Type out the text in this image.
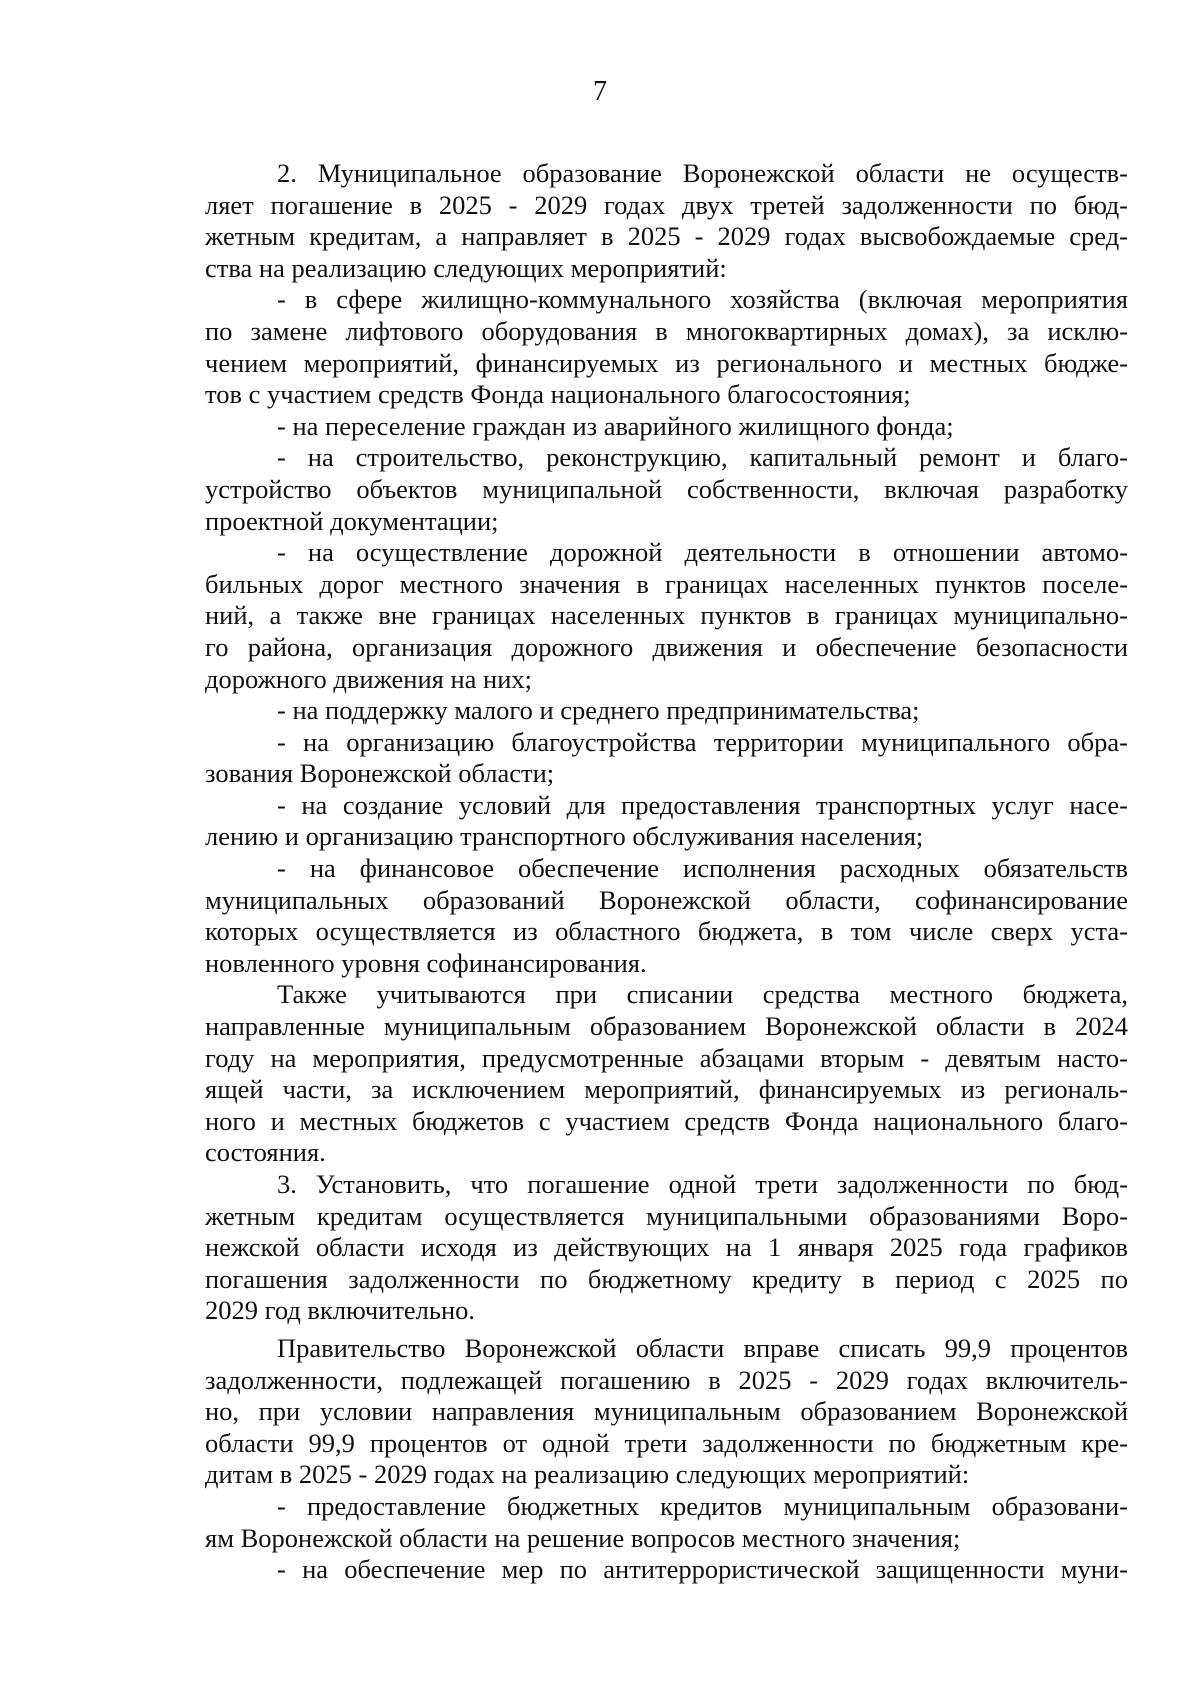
7
2. Муниципальное образование Воронежской области не осуществ-
ляет погашение в 2025 - 2029 годах двух третей задолженности по бюд-
жетным кредитам, а направляет в 2025 - 2029 годах высвобождаемые сред-
ства на реализацию следующих мероприятий:
- в сфере жилищно-коммунального хозяйства (включая мероприятия
по замене лифтового оборудования в многоквартирных домах), за исклю-
чением мероприятий, финансируемых из регионального и местных бюдже-
тов с участием средств Фонда национального благосостояния;
- на переселение граждан из аварийного жилищного фонда;
- на строительство, реконструкцию, капитальный ремонт и благо-
устройство объектов муниципальной собственности, включая разработку
проектной документации;
- на осуществление дорожной деятельности в отношении автомо-
бильных дорог местного значения в границах населенных пунктов поселе-
ний, а также вне границах населенных пунктов в границах муниципально-
го района, организация дорожного движения и обеспечение безопасности
дорожного движения на них;
- на поддержку малого и среднего предпринимательства;
- на организацию благоустройства территории муниципального обра-
зования Воронежской области;
- на создание условий для предоставления транспортных услуг насе-
лению и организацию транспортного обслуживания населения;
- на финансовое обеспечение исполнения расходных обязательств
муниципальных образований Воронежской области, софинансирование
которых осуществляется из областного бюджета, в том числе сверх уста-
новленного уровня софинансирования.
Также учитываются при списании средства местного бюджета,
направленные муниципальным образованием Воронежской области в 2024
году на мероприятия, предусмотренные абзацами вторым - девятым насто-
ящей части, за исключением мероприятий, финансируемых из региональ-
ного и местных бюджетов с участием средств Фонда национального благо-
состояния.
3. Установить, что погашение одной трети задолженности по бюд-
жетным кредитам осуществляется муниципальными образованиями Воро-
нежской области исходя из действующих на 1 января 2025 года графиков
погашения задолженности по бюджетному кредиту в период с 2025 по
2029 год включительно.
Правительство Воронежской области вправе списать 99,9 процентов
задолженности, подлежащей погашению в 2025 - 2029 годах включитель-
но, при условии направления муниципальным образованием Воронежской
области 99,9 процентов от одной трети задолженности по бюджетным кре-
дитам в 2025 - 2029 годах на реализацию следующих мероприятий:
- предоставление бюджетных кредитов муниципальным образовани-
ям Воронежской области на решение вопросов местного значения;
- на обеспечение мер по антитеррористической защищенности муни-
